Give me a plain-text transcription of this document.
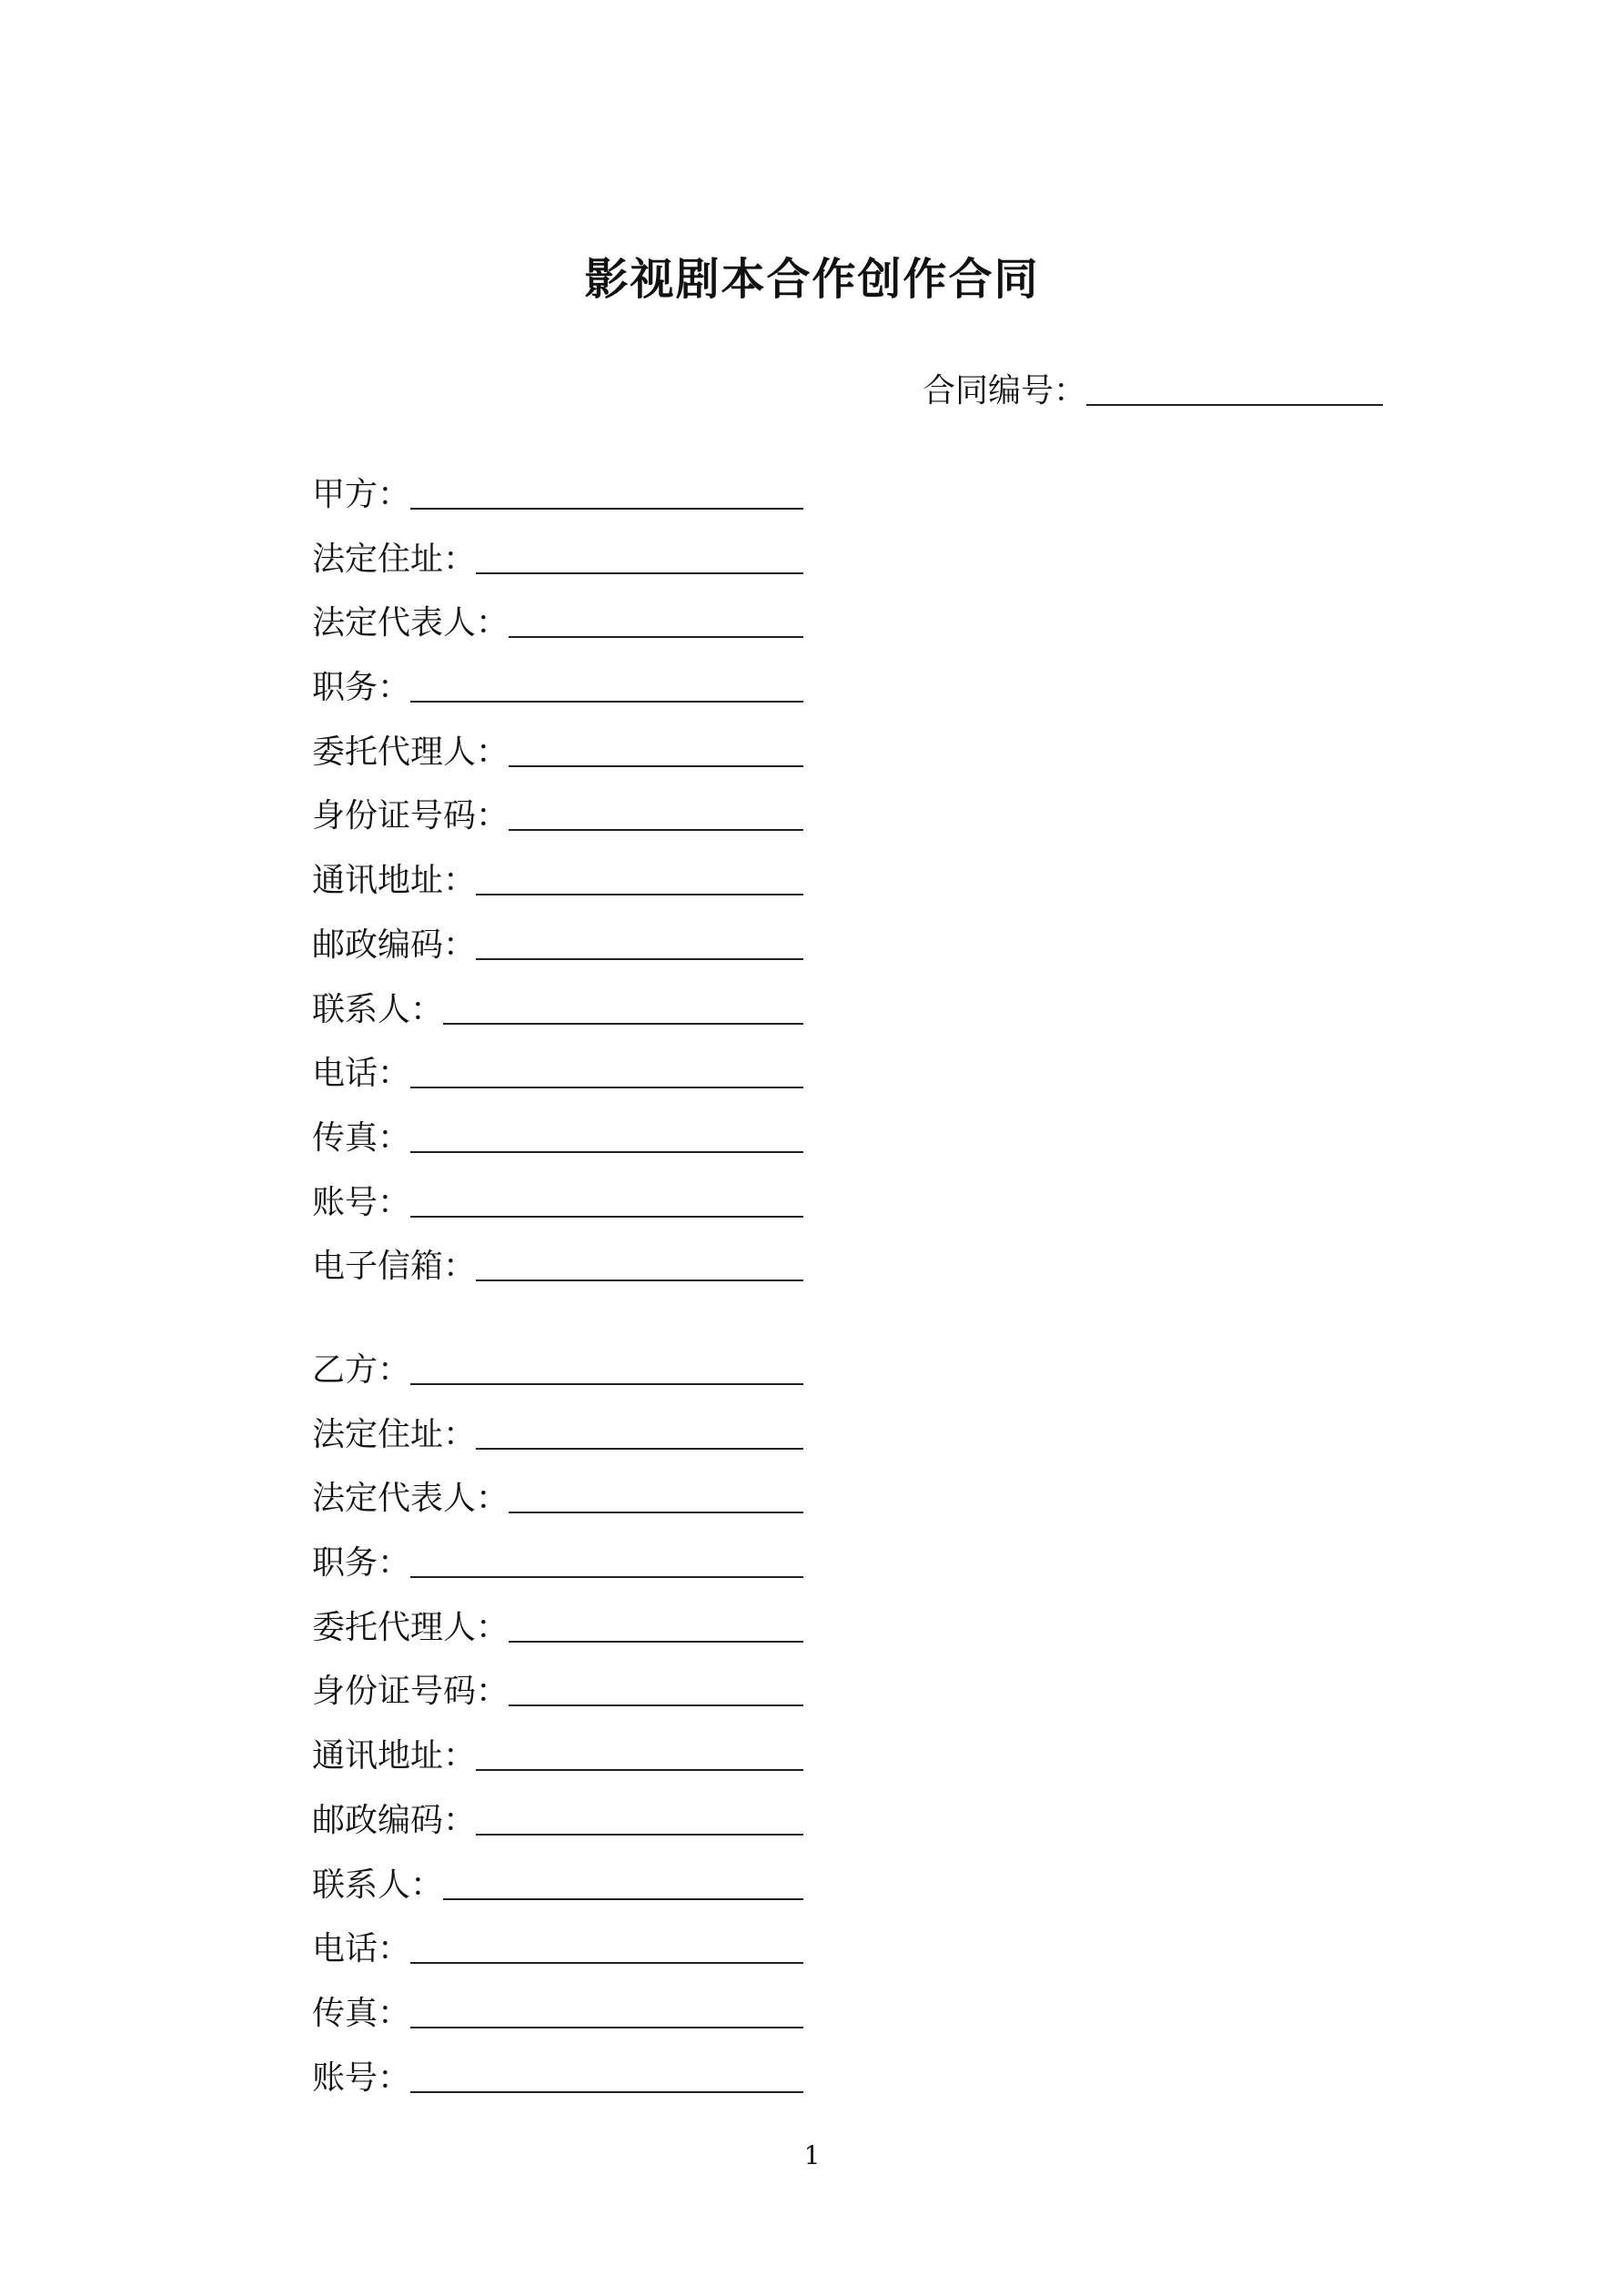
影视剧本合作创作合同
合同编号：
甲方：
法定住址：
法定代表人：
职务：
委托代理人：
身份证号码：
通讯地址：
邮政编码：
联系人：
电话：
传真：
账号：
电子信箱：
乙方：
法定住址：
法定代表人：
职务：
委托代理人：
身份证号码：
通讯地址：
邮政编码：
联系人：
电话：
传真：
账号：
1
